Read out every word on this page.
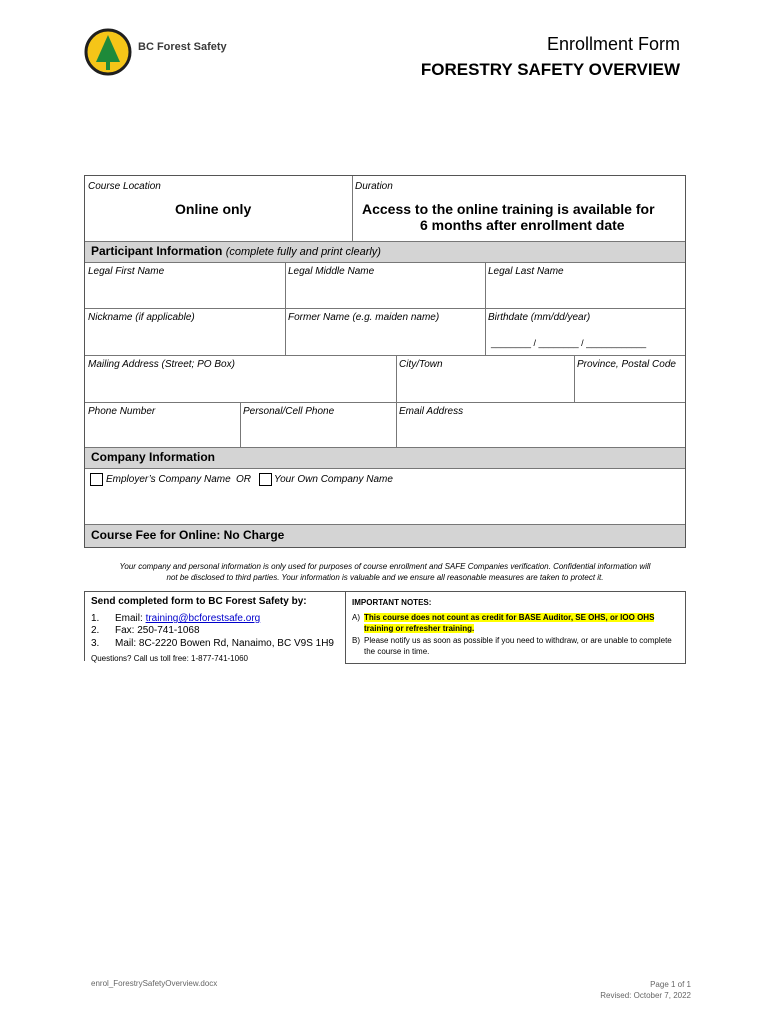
BC Forest Safety	Enrollment Form
FORESTRY SAFETY OVERVIEW
Course Location	Duration
Online only	Access to the online training is available for
6 months after enrollment date
Participant Information (complete fully and print clearly)
Legal First Name	Legal Middle Name	Legal Last Name
Nickname (if applicable)	Former Name (e.g. maiden name)	Birthdate (mm/dd/year)
________ / ________ / ____________
Mailing Address (Street; PO Box)	City/Town	Province, Postal Code
Phone Number	Personal/Cell Phone	Email Address
Company Information
Employer’s Company Name OR Your Own Company Name
Course Fee for Online: No Charge
Your company and personal information is only used for purposes of course enrollment and SAFE Companies verification. Confidential information will
not be disclosed to third parties. Your information is valuable and we ensure all reasonable measures are taken to protect it.
Send completed form to BC Forest Safety by:
1. Email: training@bcforestsafe.org
2. Fax: 250-741-1068
3. Mail: 8C-2220 Bowen Rd, Nanaimo, BC V9S 1H9
Questions? Call us toll free: 1-877-741-1060
IMPORTANT NOTES:
A) This course does not count as credit for BASE Auditor, SE OHS, or IOO OHS training or refresher training.
B) Please notify us as soon as possible if you need to withdraw, or are unable to complete the course in time.
enrol_ForestrySafetyOverview.docx	Page 1 of 1
Revised: October 7, 2022
